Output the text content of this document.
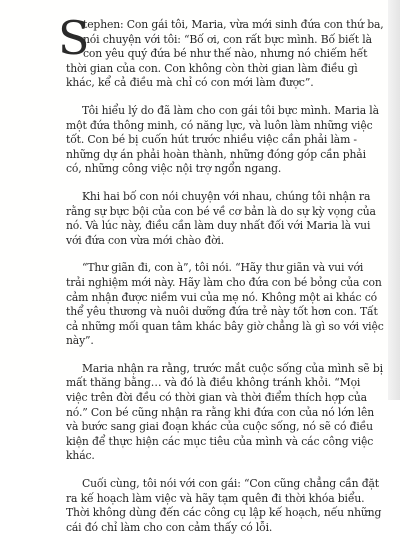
S
tephen: Con gái tôi, Maria, vừa mới sinh đứa con thứ ba, nói chuyện với tôi: “Bố ơi, con rất bực mình. Bố biết là con yêu quý đứa bé như thế nào, nhưng nó chiếm hết thời gian của con. Con không còn thời gian làm điều gì khác, kể cả điều mà chỉ có con mới làm được”.

Tôi hiểu lý do đã làm cho con gái tôi bực mình. Maria là một đứa thông minh, có năng lực, và luôn làm những việc tốt. Con bé bị cuốn hút trước nhiều việc cần phải làm - những dự án phải hoàn thành, những đóng góp cần phải có, những công việc nội trợ ngổn ngang.

Khi hai bố con nói chuyện với nhau, chúng tôi nhận ra rằng sự bực bội của con bé về cơ bản là do sự kỳ vọng của nó. Và lúc này, điều cần làm duy nhất đối với Maria là vui với đứa con vừa mới chào đời.

“Thư giãn đi, con à”, tôi nói. “Hãy thư giãn và vui với trải nghiệm mới này. Hãy làm cho đứa con bé bỏng của con cảm nhận được niềm vui của mẹ nó. Không một ai khác có thể yêu thương và nuôi dưỡng đứa trẻ này tốt hơn con. Tất cả những mối quan tâm khác bây giờ chẳng là gì so với việc này”.

Maria nhận ra rằng, trước mắt cuộc sống của mình sẽ bị mất thăng bằng… và đó là điều không tránh khỏi. “Mọi việc trên đời đều có thời gian và thời điểm thích hợp của nó.” Con bé cũng nhận ra rằng khi đứa con của nó lớn lên và bước sang giai đoạn khác của cuộc sống, nó sẽ có điều kiện để thực hiện các mục tiêu của mình và các công việc khác.

Cuối cùng, tôi nói với con gái: “Con cũng chẳng cần đặt ra kế hoạch làm việc và hãy tạm quên đi thời khóa biểu. Thời không dùng đến các công cụ lập kế hoạch, nếu những cái đó chỉ làm cho con cảm thấy có lỗi.
